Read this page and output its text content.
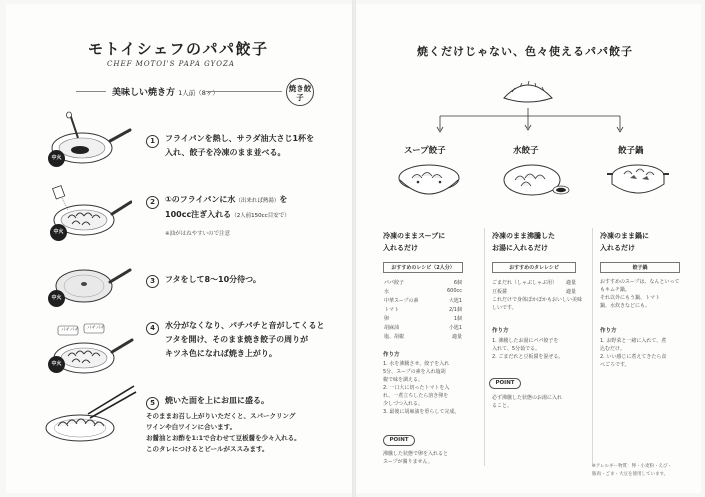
モトイシェフのパパ餃子
CHEF MOTOI'S PAPA GYOZA
美味しい焼き方 1人前（8ヶ）	焼き餃子
中火
中火
中火
パチパチ パチパチ
中火
1	フライパンを熱し、サラダ油大さじ1杯を
入れ、餃子を冷凍のまま並べる。
2	①のフライパンに水（出来れば熱湯）を
100cc注ぎ入れる（2人前150cc目安で）
※油がはねやすいので注意
3	フタをして8～10分待つ。
4	水分がなくなり、パチパチと音がしてくると
フタを開け、そのまま焼き餃子の周りが
キツネ色になれば焼き上がり。
5	焼いた面を上にお皿に盛る。
そのままお召し上がりいただくと、スパークリング
ワインや白ワインに合います。
お醤油とお酢を1:1で合わせて豆板醤を少々入れる。
このタレにつけるとビールがススみます。
焼くだけじゃない、色々使えるパパ餃子
スープ餃子	水餃子	餃子鍋
冷凍のままスープに
入れるだけ
おすすめのレシピ（2人分）
パパ餃子	6個
水	600cc
中華スープの素	大匙1
トマト	2/1個
卵	1個
胡麻油	小匙1
塩、胡椒	適量
作り方
1. 水を沸騰させ、餃子を入れ
5分、スープの素を入れ塩胡
椒で味を調える。
2. 一口大に切ったトマトを入
れ、一煮立ちしたら溶き卵を
少しづつ入れる。
3. 最後に胡麻油を垂らして完成。
POINT
沸騰した状態で卵を入れると
スープが濁りません。
冷凍のまま沸騰した
お湯に入れるだけ
おすすめのタレレシピ
ごまだれ（しゃぶしゃぶ用）	適量
豆板醤	適量
これだけで身体ぽかぽかもおいしい美味
しいです。
作り方
1. 沸騰したお湯にパパ餃子を
入れて、5分茹でる。
2. ごまだれと豆板醤を混ぜる。
POINT
必ず沸騰した状態のお湯に入れ
ること。
冷凍のまま鍋に
入れるだけ
餃子鍋
おすすめのスープは、なんといって
もキムチ鍋。
それ以外にもう鍋、トマト
鍋、水炊きなどにも。
作り方
1. お野菜と一緒に入れて、煮
込むだけ。
2. いい感じに煮えてきたら食
べごろです。
※アレルギー物質：卵・小麦粉・えび・
豚肉・ごま・大豆を使用しています。
